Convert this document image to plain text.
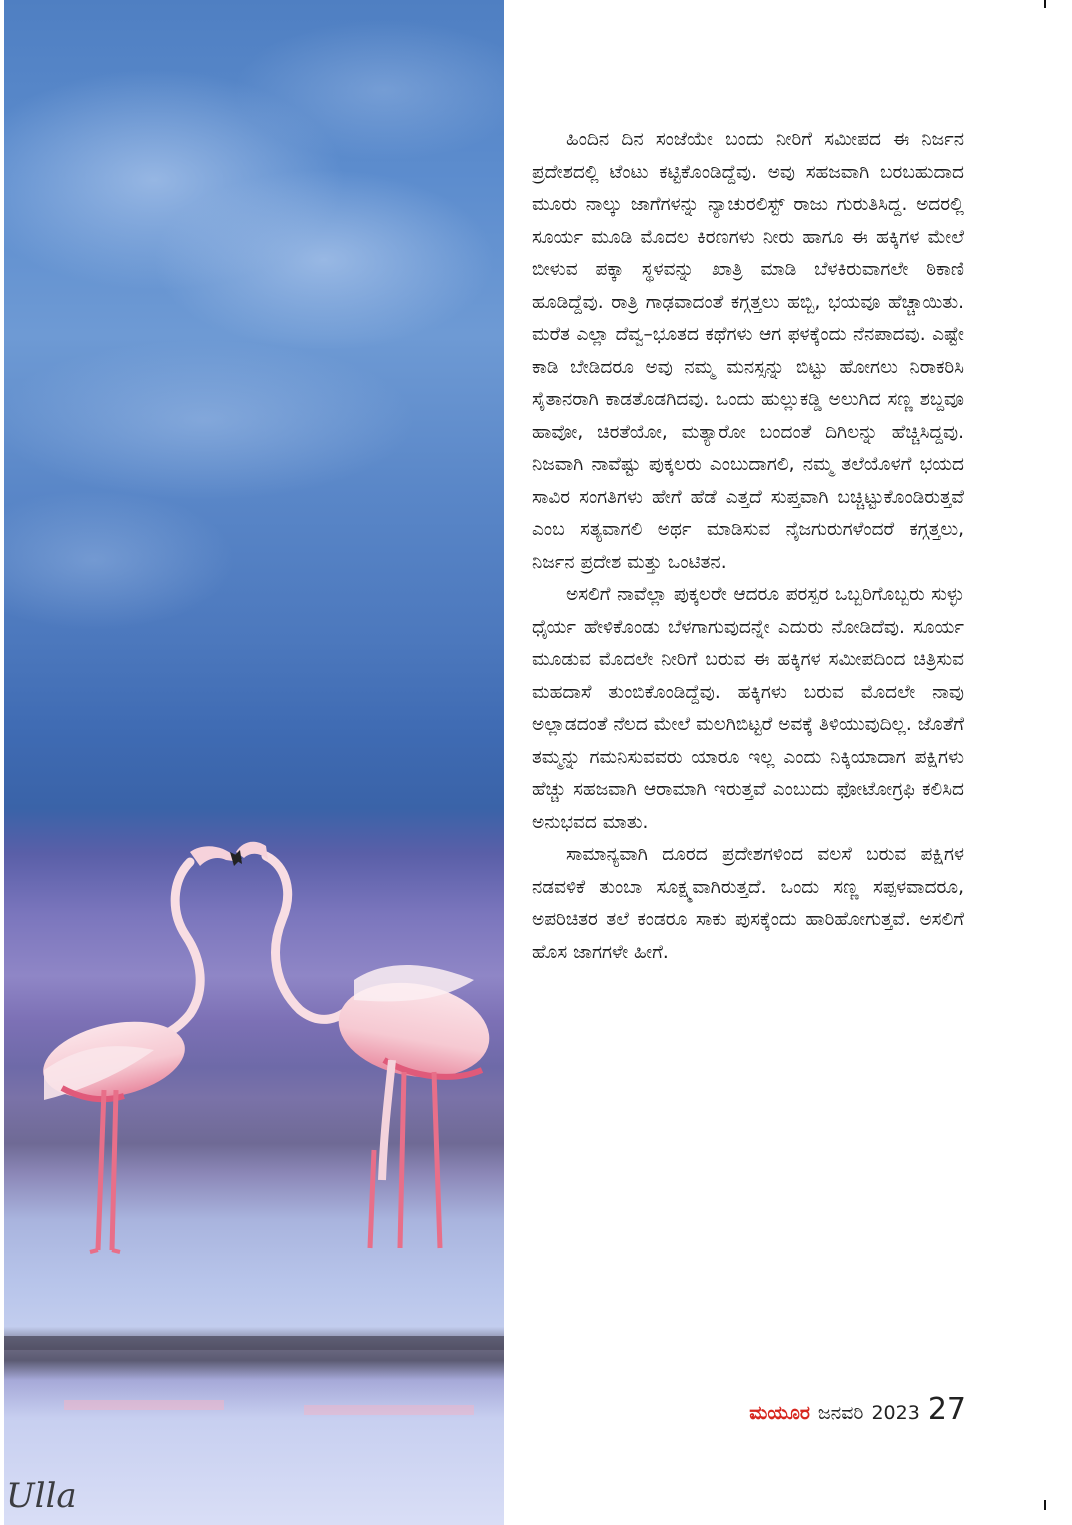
Ulla

ಹಿಂದಿನ ದಿನ ಸಂಜೆಯೇ ಬಂದು ನೀರಿಗೆ ಸಮೀಪದ ಈ ನಿರ್ಜನ ಪ್ರದೇಶದಲ್ಲಿ ಟೆಂಟು ಕಟ್ಟಿಕೊಂಡಿದ್ದೆವು. ಅವು ಸಹಜವಾಗಿ ಬರಬಹುದಾದ ಮೂರು ನಾಲ್ಕು ಜಾಗೆಗಳನ್ನು ನ್ಯಾಚುರಲಿಸ್ಟ್ ರಾಜು ಗುರುತಿಸಿದ್ದ. ಅದರಲ್ಲಿ ಸೂರ್ಯ ಮೂಡಿ ಮೊದಲ ಕಿರಣಗಳು ನೀರು ಹಾಗೂ ಈ ಹಕ್ಕಿಗಳ ಮೇಲೆ ಬೀಳುವ ಪಕ್ಕಾ ಸ್ಥಳವನ್ನು ಖಾತ್ರಿ ಮಾಡಿ ಬೆಳಕಿರುವಾಗಲೇ ಠಿಕಾಣಿ ಹೂಡಿದ್ದೆವು. ರಾತ್ರಿ ಗಾಢವಾದಂತೆ ಕಗ್ಗತ್ತಲು ಹಬ್ಬಿ, ಭಯವೂ ಹೆಚ್ಚಾಯಿತು. ಮರೆತ ಎಲ್ಲಾ ದೆವ್ವ–ಭೂತದ ಕಥೆಗಳು ಆಗ ಫಳಕ್ಕೆಂದು ನೆನಪಾದವು. ಎಷ್ಟೇ ಕಾಡಿ ಬೇಡಿದರೂ ಅವು ನಮ್ಮ ಮನಸ್ಸನ್ನು ಬಿಟ್ಟು ಹೋಗಲು ನಿರಾಕರಿಸಿ ಸೈತಾನರಾಗಿ ಕಾಡತೊಡಗಿದವು. ಒಂದು ಹುಲ್ಲುಕಡ್ಡಿ ಅಲುಗಿದ ಸಣ್ಣ ಶಬ್ದವೂ ಹಾವೋ, ಚಿರತೆಯೋ, ಮತ್ಯಾರೋ ಬಂದಂತೆ ದಿಗಿಲನ್ನು ಹೆಚ್ಚಿಸಿದ್ದವು. ನಿಜವಾಗಿ ನಾವೆಷ್ಟು ಪುಕ್ಕಲರು ಎಂಬುದಾಗಲಿ, ನಮ್ಮ ತಲೆಯೊಳಗೆ ಭಯದ ಸಾವಿರ ಸಂಗತಿಗಳು ಹೇಗೆ ಹೆಡೆ ಎತ್ತದೆ ಸುಪ್ತವಾಗಿ ಬಚ್ಚಿಟ್ಟುಕೊಂಡಿರುತ್ತವೆ ಎಂಬ ಸತ್ಯವಾಗಲಿ ಅರ್ಥ ಮಾಡಿಸುವ ನೈಜಗುರುಗಳೆಂದರೆ ಕಗ್ಗತ್ತಲು, ನಿರ್ಜನ ಪ್ರದೇಶ ಮತ್ತು ಒಂಟಿತನ.

ಅಸಲಿಗೆ ನಾವೆಲ್ಲಾ ಪುಕ್ಕಲರೇ ಆದರೂ ಪರಸ್ಪರ ಒಬ್ಬರಿಗೊಬ್ಬರು ಸುಳ್ಳು ಧೈರ್ಯ ಹೇಳಿಕೊಂಡು ಬೆಳಗಾಗುವುದನ್ನೇ ಎದುರು ನೋಡಿದೆವು. ಸೂರ್ಯ ಮೂಡುವ ಮೊದಲೇ ನೀರಿಗೆ ಬರುವ ಈ ಹಕ್ಕಿಗಳ ಸಮೀಪದಿಂದ ಚಿತ್ರಿಸುವ ಮಹದಾಸೆ ತುಂಬಿಕೊಂಡಿದ್ದೆವು. ಹಕ್ಕಿಗಳು ಬರುವ ಮೊದಲೇ ನಾವು ಅಲ್ಲಾಡದಂತೆ ನೆಲದ ಮೇಲೆ ಮಲಗಿಬಿಟ್ಟರೆ ಅವಕ್ಕೆ ತಿಳಿಯುವುದಿಲ್ಲ. ಜೊತೆಗೆ ತಮ್ಮನ್ನು ಗಮನಿಸುವವರು ಯಾರೂ ಇಲ್ಲ ಎಂದು ನಿಕ್ಕಿಯಾದಾಗ ಪಕ್ಷಿಗಳು ಹೆಚ್ಚು ಸಹಜವಾಗಿ ಆರಾಮಾಗಿ ಇರುತ್ತವೆ ಎಂಬುದು ಫೋಟೋಗ್ರಫಿ ಕಲಿಸಿದ ಅನುಭವದ ಮಾತು.

ಸಾಮಾನ್ಯವಾಗಿ ದೂರದ ಪ್ರದೇಶಗಳಿಂದ ವಲಸೆ ಬರುವ ಪಕ್ಷಿಗಳ ನಡವಳಿಕೆ ತುಂಬಾ ಸೂಕ್ಷ್ಮವಾಗಿರುತ್ತದೆ. ಒಂದು ಸಣ್ಣ ಸಪ್ಪಳವಾದರೂ, ಅಪರಿಚಿತರ ತಲೆ ಕಂಡರೂ ಸಾಕು ಪುಸಕ್ಕೆಂದು ಹಾರಿಹೋಗುತ್ತವೆ. ಅಸಲಿಗೆ ಹೊಸ ಜಾಗಗಳೇ ಹೀಗೆ.

ಮಯೂರ ಜನವರಿ 2023 27
